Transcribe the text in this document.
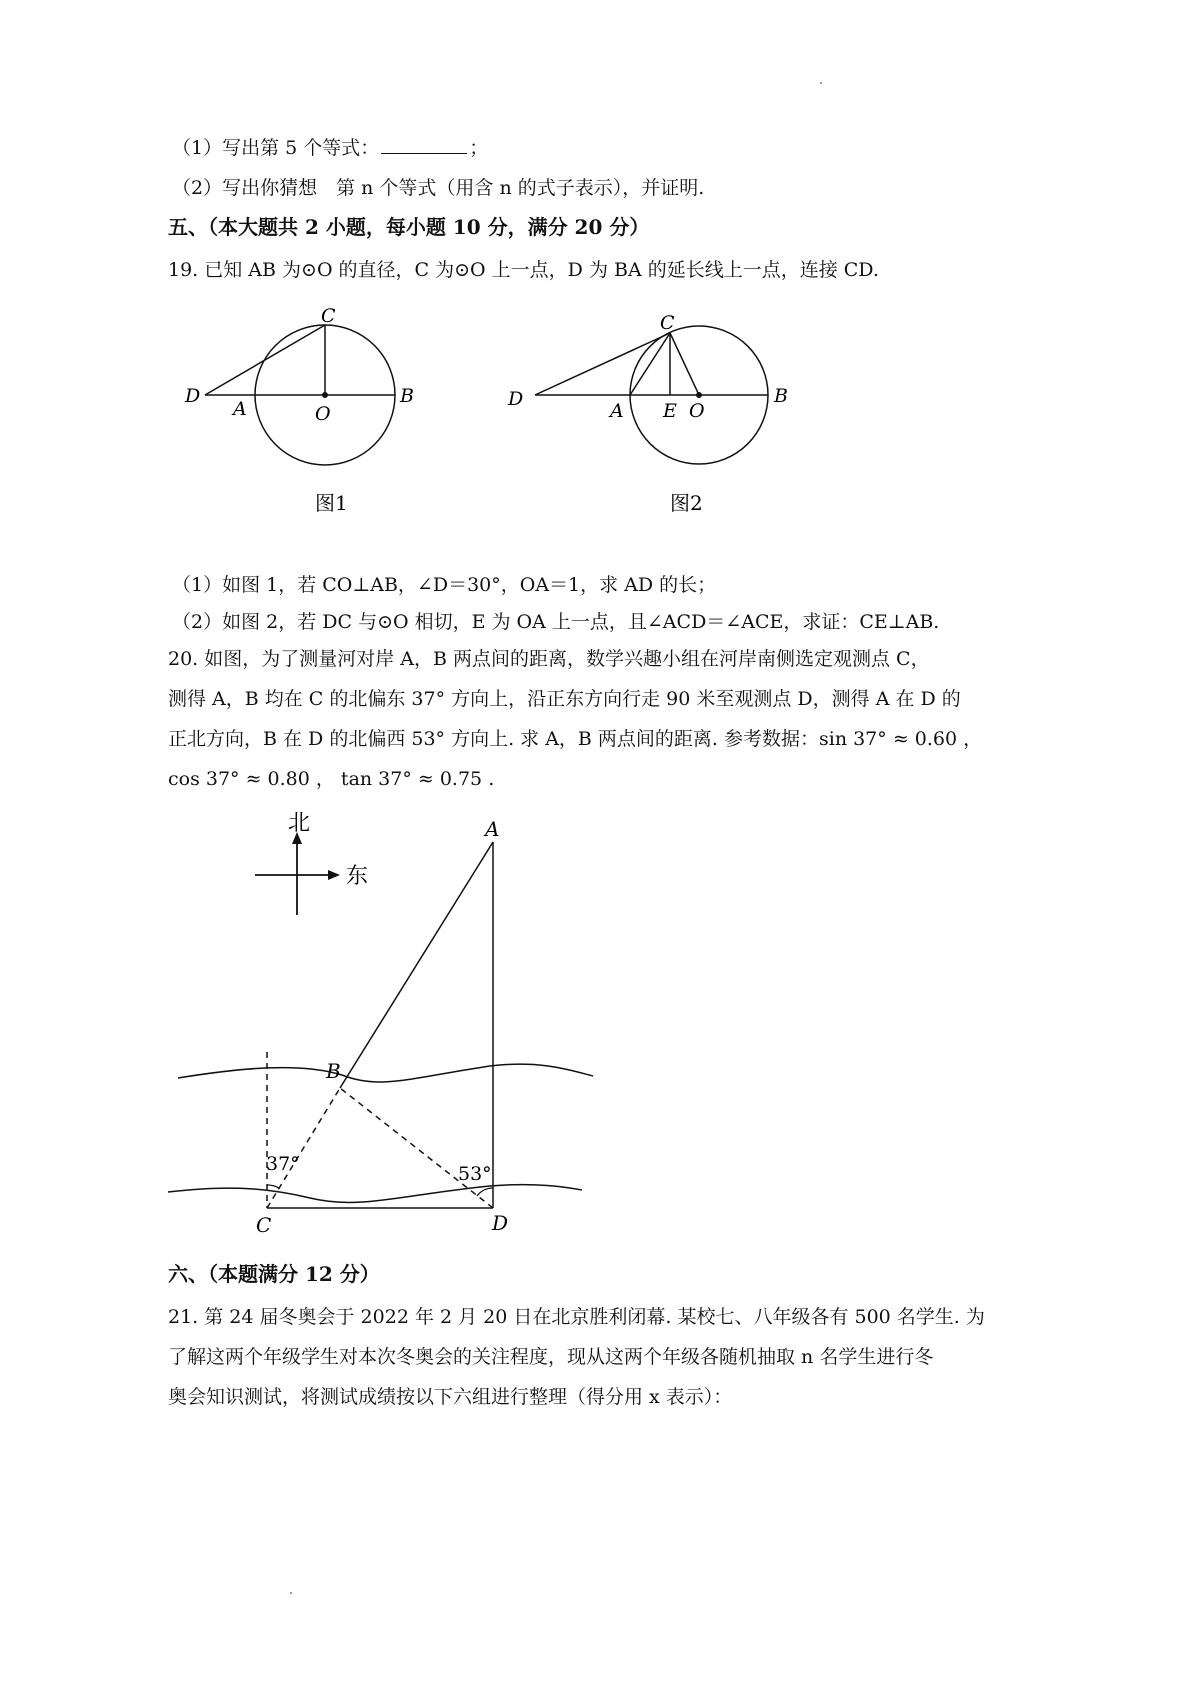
（1）写出第 5 个等式：	；
（2）写出你猜想　第 n 个等式（用含 n 的式子表示），并证明.
五、（本大题共 2 小题，每小题 10 分，满分 20 分）
19. 已知 AB 为⊙O 的直径，C 为⊙O 上一点，D 为 BA 的延长线上一点，连接 CD.
C
D
A	O
B
图1
C
D
A E O
B
图2
（1）如图 1，若 CO⊥AB，∠D＝30°，OA＝1，求 AD 的长；
（2）如图 2，若 DC 与⊙O 相切，E 为 OA 上一点，且∠ACD＝∠ACE，求证：CE⊥AB.
20. 如图，为了测量河对岸 A，B 两点间的距离，数学兴趣小组在河岸南侧选定观测点 C，
测得 A，B 均在 C 的北偏东 37° 方向上，沿正东方向行走 90 米至观测点 D，测得 A 在 D 的
正北方向，B 在 D 的北偏西 53° 方向上. 求 A，B 两点间的距离. 参考数据：sin 37° ≈ 0.60 ，
cos 37° ≈ 0.80 ， tan 37° ≈ 0.75 .
北
东
37°	53°
A
B
C	D
六、（本题满分 12 分）
21. 第 24 届冬奥会于 2022 年 2 月 20 日在北京胜利闭幕. 某校七、八年级各有 500 名学生. 为
了解这两个年级学生对本次冬奥会的关注程度，现从这两个年级各随机抽取 n 名学生进行冬
奥会知识测试，将测试成绩按以下六组进行整理（得分用 x 表示）：
